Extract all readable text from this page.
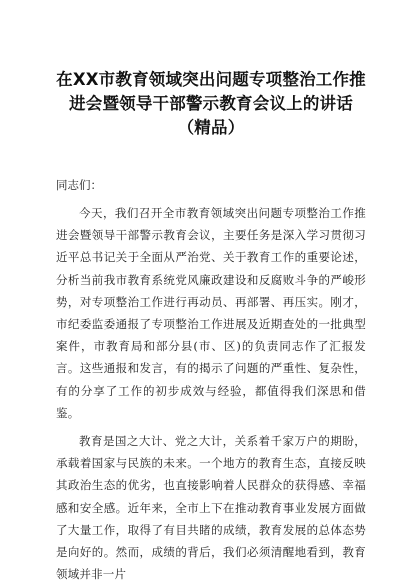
在XX市教育领域突出问题专项整治工作推进会暨领导干部警示教育会议上的讲话（精品）

同志们：

今天，我们召开全市教育领域突出问题专项整治工作推进会暨领导干部警示教育会议，主要任务是深入学习贯彻习近平总书记关于全面从严治党、关于教育工作的重要论述，分析当前我市教育系统党风廉政建设和反腐败斗争的严峻形势，对专项整治工作进行再动员、再部署、再压实。刚才，市纪委监委通报了专项整治工作进展及近期查处的一批典型案件，市教育局和部分县(市、区)的负责同志作了汇报发言。这些通报和发言，有的揭示了问题的严重性、复杂性，有的分享了工作的初步成效与经验，都值得我们深思和借鉴。

教育是国之大计、党之大计，关系着千家万户的期盼，承载着国家与民族的未来。一个地方的教育生态，直接反映其政治生态的优劣，也直接影响着人民群众的获得感、幸福感和安全感。近年来，全市上下在推动教育事业发展方面做了大量工作，取得了有目共睹的成绩，教育发展的总体态势是向好的。然而，成绩的背后，我们必须清醒地看到，教育领域并非一片
